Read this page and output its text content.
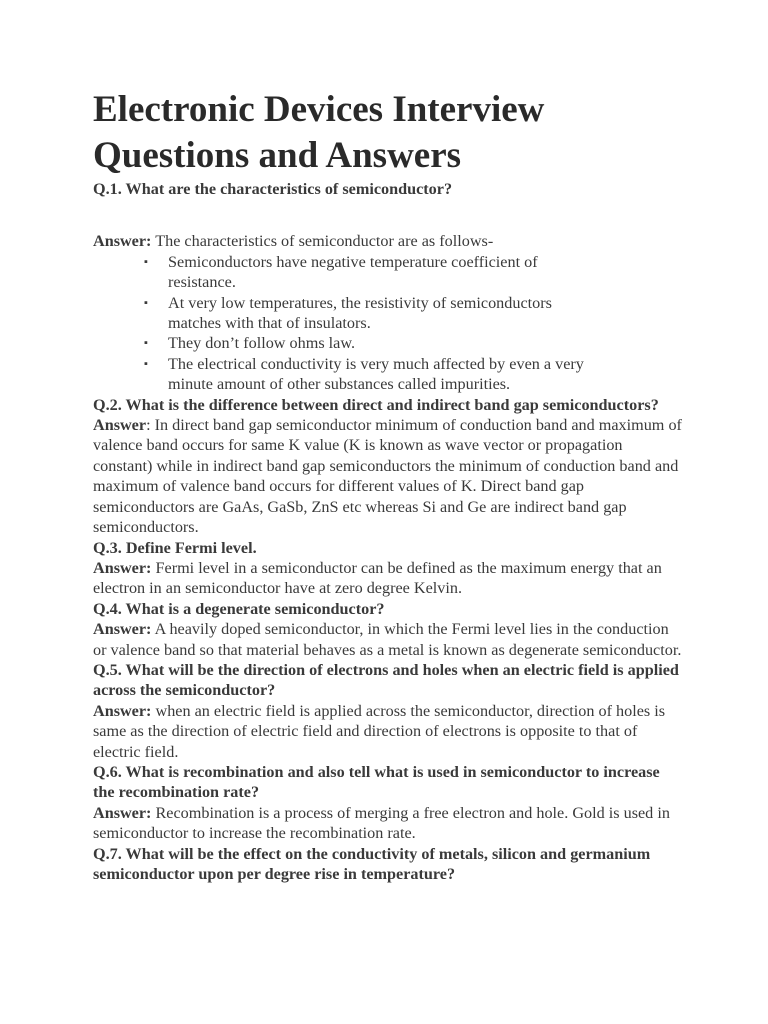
Electronic Devices Interview Questions and Answers

Q.1. What are the characteristics of semiconductor?

Answer: The characteristics of semiconductor are as follows-

▪ Semiconductors have negative temperature coefficient of resistance.
▪ At very low temperatures, the resistivity of semiconductors matches with that of insulators.
▪ They don’t follow ohms law.
▪ The electrical conductivity is very much affected by even a very minute amount of other substances called impurities.

Q.2. What is the difference between direct and indirect band gap semiconductors?

Answer: In direct band gap semiconductor minimum of conduction band and maximum of valence band occurs for same K value (K is known as wave vector or propagation constant) while in indirect band gap semiconductors the minimum of conduction band and maximum of valence band occurs for different values of K. Direct band gap semiconductors are GaAs, GaSb, ZnS etc whereas Si and Ge are indirect band gap semiconductors.

Q.3. Define Fermi level.

Answer: Fermi level in a semiconductor can be defined as the maximum energy that an electron in an semiconductor have at zero degree Kelvin.

Q.4. What is a degenerate semiconductor?

Answer: A heavily doped semiconductor, in which the Fermi level lies in the conduction or valence band so that material behaves as a metal is known as degenerate semiconductor.

Q.5. What will be the direction of electrons and holes when an electric field is applied across the semiconductor?

Answer: when an electric field is applied across the semiconductor, direction of holes is same as the direction of electric field and direction of electrons is opposite to that of electric field.

Q.6. What is recombination and also tell what is used in semiconductor to increase the recombination rate?

Answer: Recombination is a process of merging a free electron and hole. Gold is used in semiconductor to increase the recombination rate.

Q.7. What will be the effect on the conductivity of metals, silicon and germanium semiconductor upon per degree rise in temperature?
